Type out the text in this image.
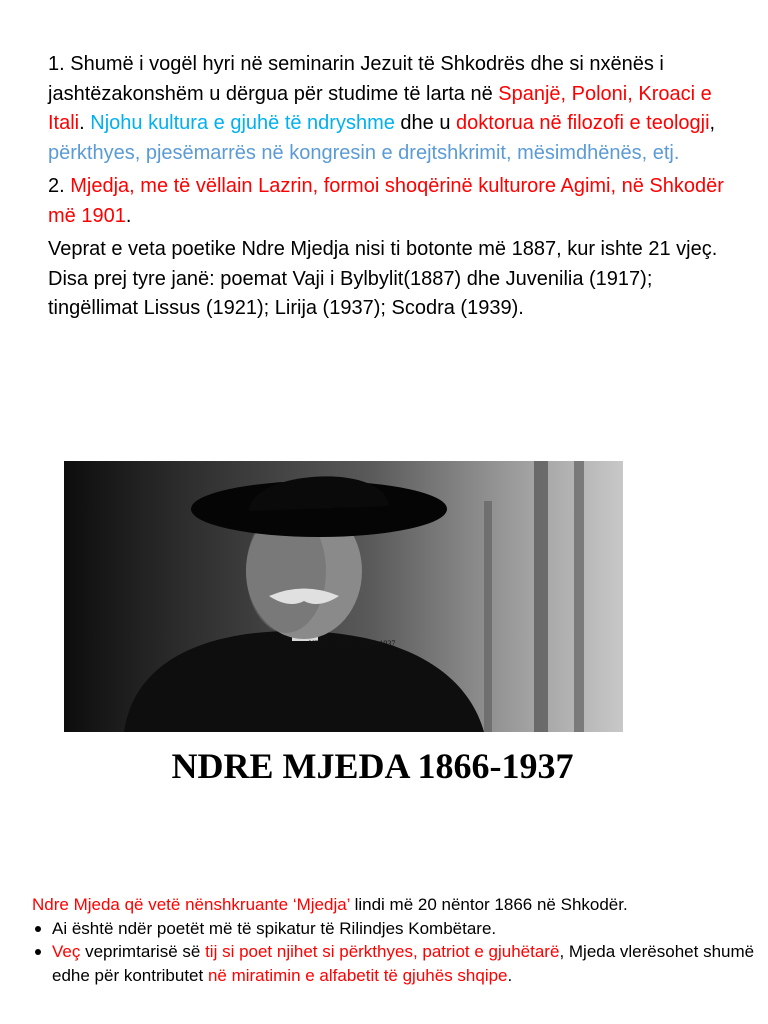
1. Shumë i vogël hyri në seminarin Jezuit të Shkodrës dhe si nxënës i jashtëzakonshëm u dërgua për studime të larta në Spanjë, Poloni, Kroaci e Itali. Njohu kultura e gjuhë të ndryshme dhe u doktorua në filozofi e teologji, përkthyes, pjesëmarrës në kongresin e drejtshkrimit, mësimdhënës, etj.

2. Mjedja, me të vëllain Lazrin, formoi shoqërinë kulturore Agimi, në Shkodër më 1901.

Veprat e veta poetike Ndre Mjedja nisi ti botonte më 1887, kur ishte 21 vjeç. Disa prej tyre janë: poemat Vaji i Bylbylit(1887) dhe Juvenilia (1917); tingëllimat Lissus (1921); Lirija (1937); Scodra (1939).

NDRE MJEDA 1866-1937
NDRE MJEDA 1866-1937

Ndre Mjeda që vetë nënshkruante ‘Mjedja’ lindi më 20 nëntor 1866 në Shkodër.

Ai është ndër poetët më të spikatur të Rilindjes Kombëtare.
Veç veprimtarisë së tij si poet njihet si përkthyes, patriot e gjuhëtarë, Mjeda vlerësohet shumë edhe për kontributet në miratimin e alfabetit të gjuhës shqipe.
